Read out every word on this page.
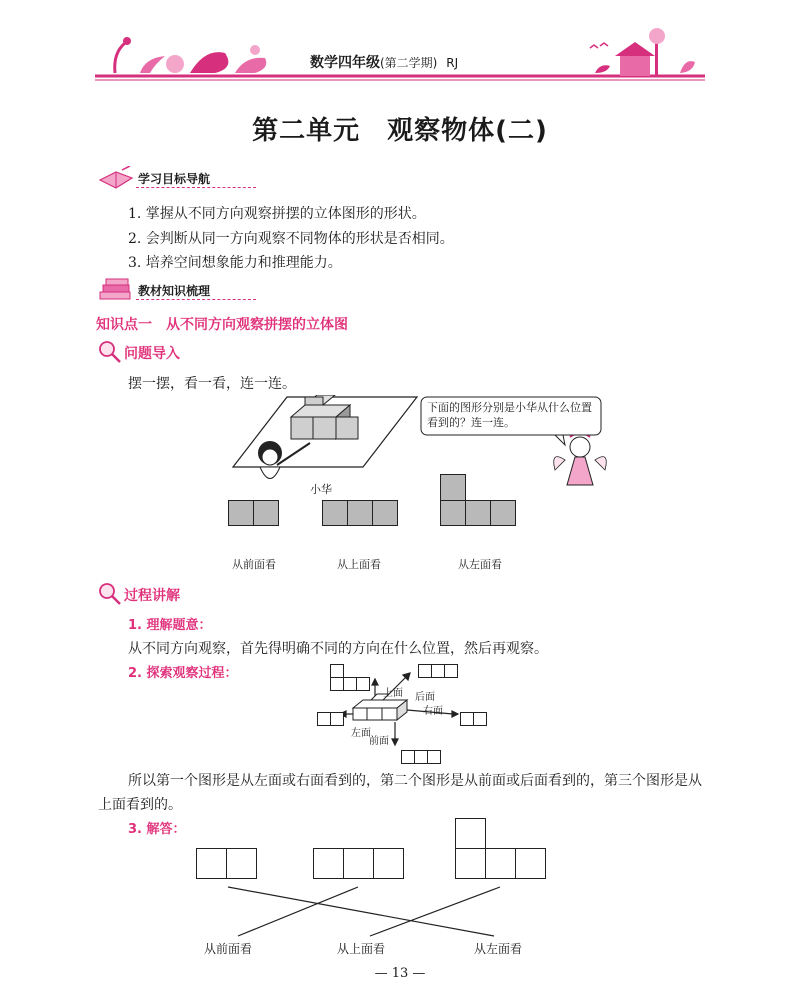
数学四年级(第二学期) RJ
第二单元　观察物体(二)
学习目标导航
1. 掌握从不同方向观察拼摆的立体图形的形状。
2. 会判断从同一方向观察不同物体的形状是否相同。
3. 培养空间想象能力和推理能力。
教材知识梳理
知识点一　从不同方向观察拼摆的立体图
问题导入
摆一摆，看一看，连一连。
下面的图形分别是小华从什么位置看到的？连一连。
小华
从前面看	从上面看	从左面看
过程讲解
1. 理解题意：
从不同方向观察，首先得明确不同的方向在什么位置，然后再观察。
2. 探索观察过程：
上面 后面
左面
右面
前面
所以第一个图形是从左面或右面看到的，第二个图形是从前面或后面看到的，第三个图形是从上面看到的。
3. 解答：
从前面看	从上面看	从左面看
— 13 —
